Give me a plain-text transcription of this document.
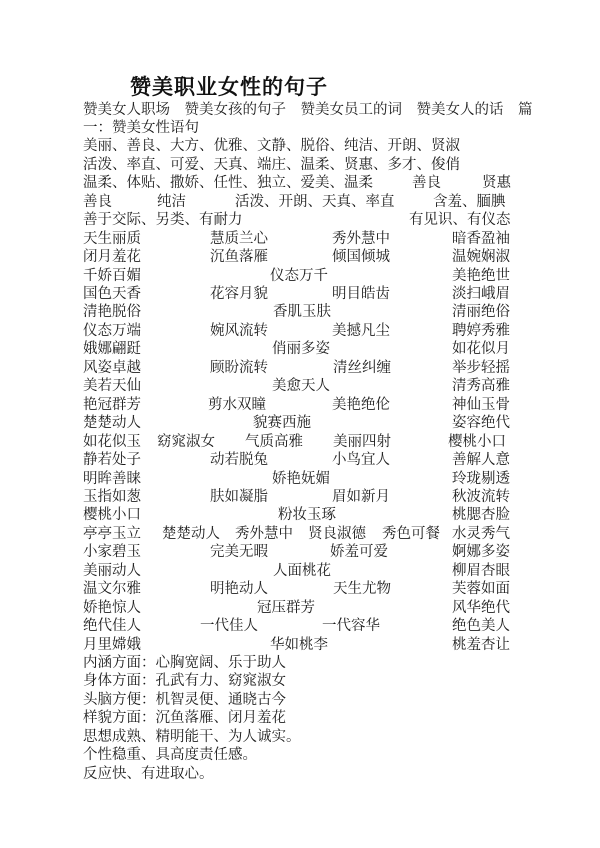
赞美职业女性的句子
赞美女人职场　赞美女孩的句子　赞美女员工的词　赞美女人的话　篇
一：赞美女性语句
美丽、善良、大方、优雅、文静、脱俗、纯洁、开朗、贤淑
活泼、率直、可爱、天真、端庄、温柔、贤惠、多才、俊俏
温柔、体贴、撒娇、任性、独立、爱美、温柔	善良	贤惠
善良	纯洁	活泼、开朗、天真、率直	含羞、腼腆
善于交际、另类、有耐力	有见识、有仪态
天生丽质	慧质兰心	秀外慧中	暗香盈袖
闭月羞花	沉鱼落雁	倾国倾城	温婉娴淑
千娇百媚	仪态万千	美艳绝世
国色天香	花容月貌	明目皓齿	淡扫峨眉
清艳脱俗	香肌玉肤	清丽绝俗
仪态万端	婉风流转	美撼凡尘	聘婷秀雅
娥娜翩跹	俏丽多姿	如花似月
风姿卓越	顾盼流转	清丝纠缠	举步轻摇
美若天仙	美愈天人	清秀高雅
艳冠群芳	剪水双瞳	美艳绝伦	神仙玉骨
楚楚动人	貌赛西施	姿容绝代
如花似玉 窈窕淑女 气质高雅 美丽四射	樱桃小口
静若处子	动若脱兔	小鸟宜人	善解人意
明眸善睐	娇艳妩媚	玲珑剔透
玉指如葱	肤如凝脂	眉如新月	秋波流转
樱桃小口	粉妆玉琢	桃腮杏脸
亭亭玉立 楚楚动人 秀外慧中 贤良淑德 秀色可餐 水灵秀气
小家碧玉	完美无暇	娇羞可爱	婀娜多姿
美丽动人	人面桃花	柳眉杏眼
温文尔雅	明艳动人	天生尤物	芙蓉如面
娇艳惊人	冠压群芳	风华绝代
绝代佳人	一代佳人	一代容华	绝色美人
月里嫦娥	华如桃李	桃羞杏让
内涵方面：心胸宽阔、乐于助人
身体方面：孔武有力、窈窕淑女
头脑方便：机智灵便、通晓古今
样貌方面：沉鱼落雁、闭月羞花
思想成熟、精明能干、为人诚实。
个性稳重、具高度责任感。
反应快、有进取心。
